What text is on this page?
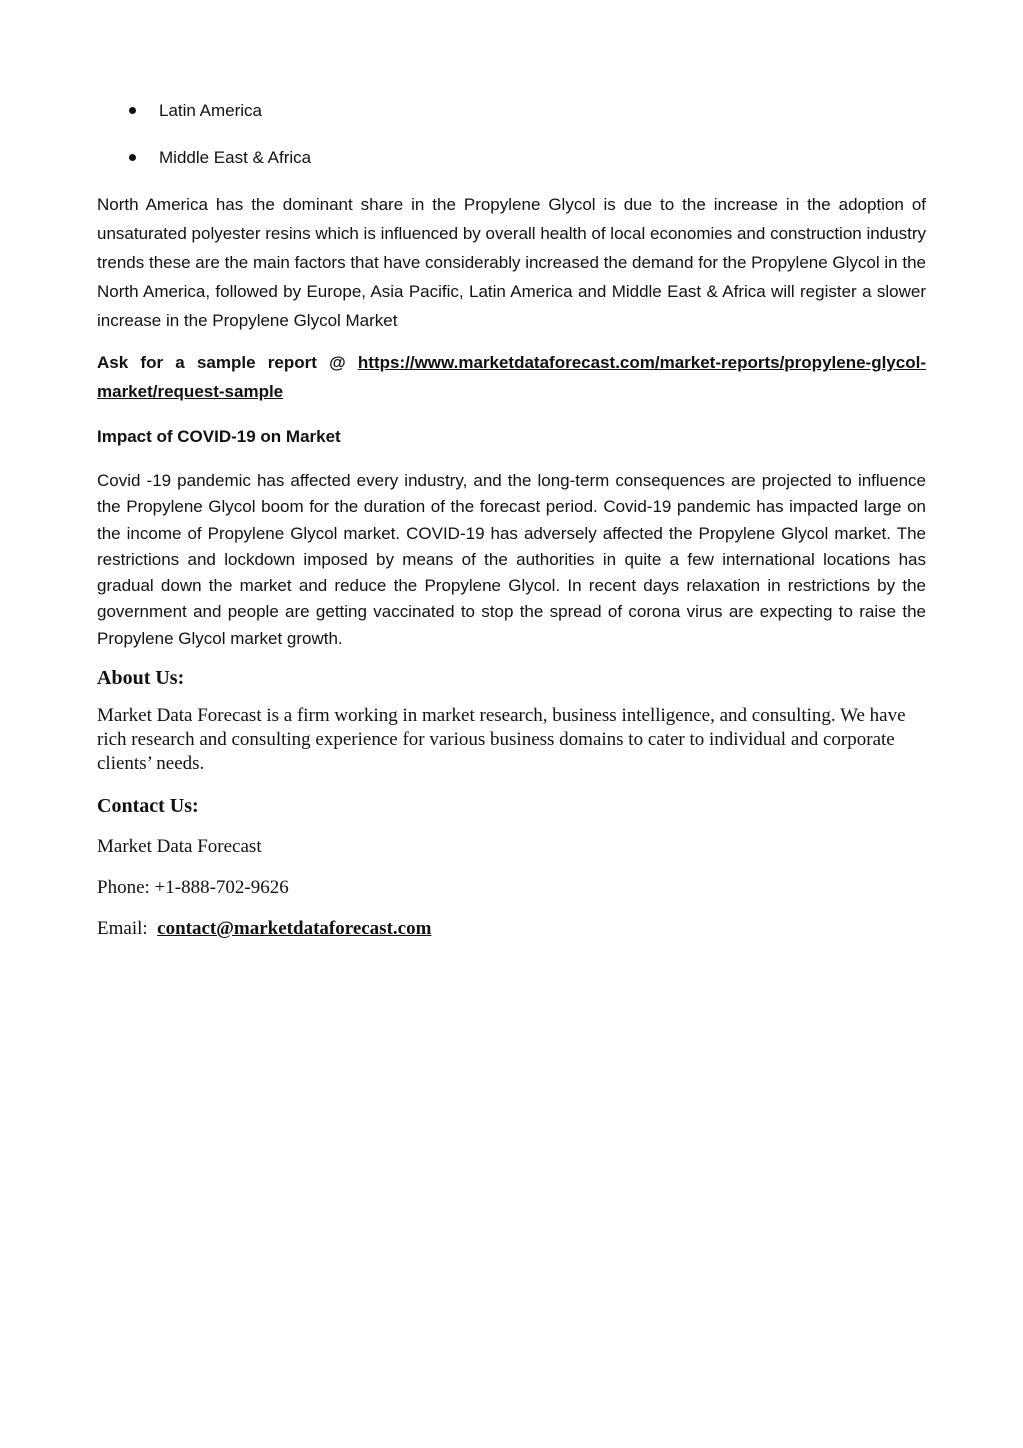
Latin America
Middle East & Africa

North America has the dominant share in the Propylene Glycol is due to the increase in the adoption of unsaturated polyester resins which is influenced by overall health of local economies and construction industry trends these are the main factors that have considerably increased the demand for the Propylene Glycol in the North America, followed by Europe, Asia Pacific, Latin America and Middle East & Africa will register a slower increase in the Propylene Glycol Market

Ask for a sample report @ https://www.marketdataforecast.com/market-reports/propylene-glycol-market/request-sample

Impact of COVID-19 on Market

Covid -19 pandemic has affected every industry, and the long-term consequences are projected to influence the Propylene Glycol boom for the duration of the forecast period. Covid-19 pandemic has impacted large on the income of Propylene Glycol market. COVID-19 has adversely affected the Propylene Glycol market. The restrictions and lockdown imposed by means of the authorities in quite a few international locations has gradual down the market and reduce the Propylene Glycol. In recent days relaxation in restrictions by the government and people are getting vaccinated to stop the spread of corona virus are expecting to raise the Propylene Glycol market growth.

About Us:

Market Data Forecast is a firm working in market research, business intelligence, and consulting. We have rich research and consulting experience for various business domains to cater to individual and corporate clients’ needs.

Contact Us:

Market Data Forecast

Phone: +1-888-702-9626

Email:  contact@marketdataforecast.com
